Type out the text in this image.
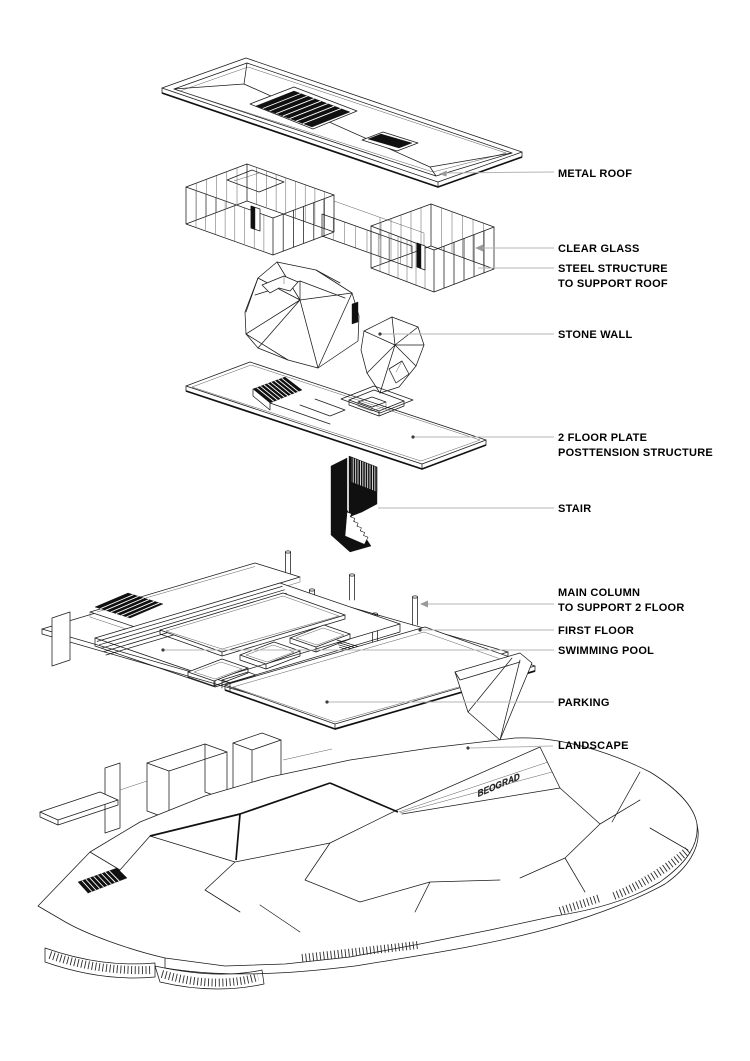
BEOGRAD
METAL ROOF
CLEAR GLASS
STEEL STRUCTURE
TO SUPPORT ROOF
STONE WALL
2 FLOOR PLATE
POSTTENSION STRUCTURE
STAIR
MAIN COLUMN
TO SUPPORT 2 FLOOR
FIRST FLOOR
SWIMMING POOL
PARKING
LANDSCAPE
